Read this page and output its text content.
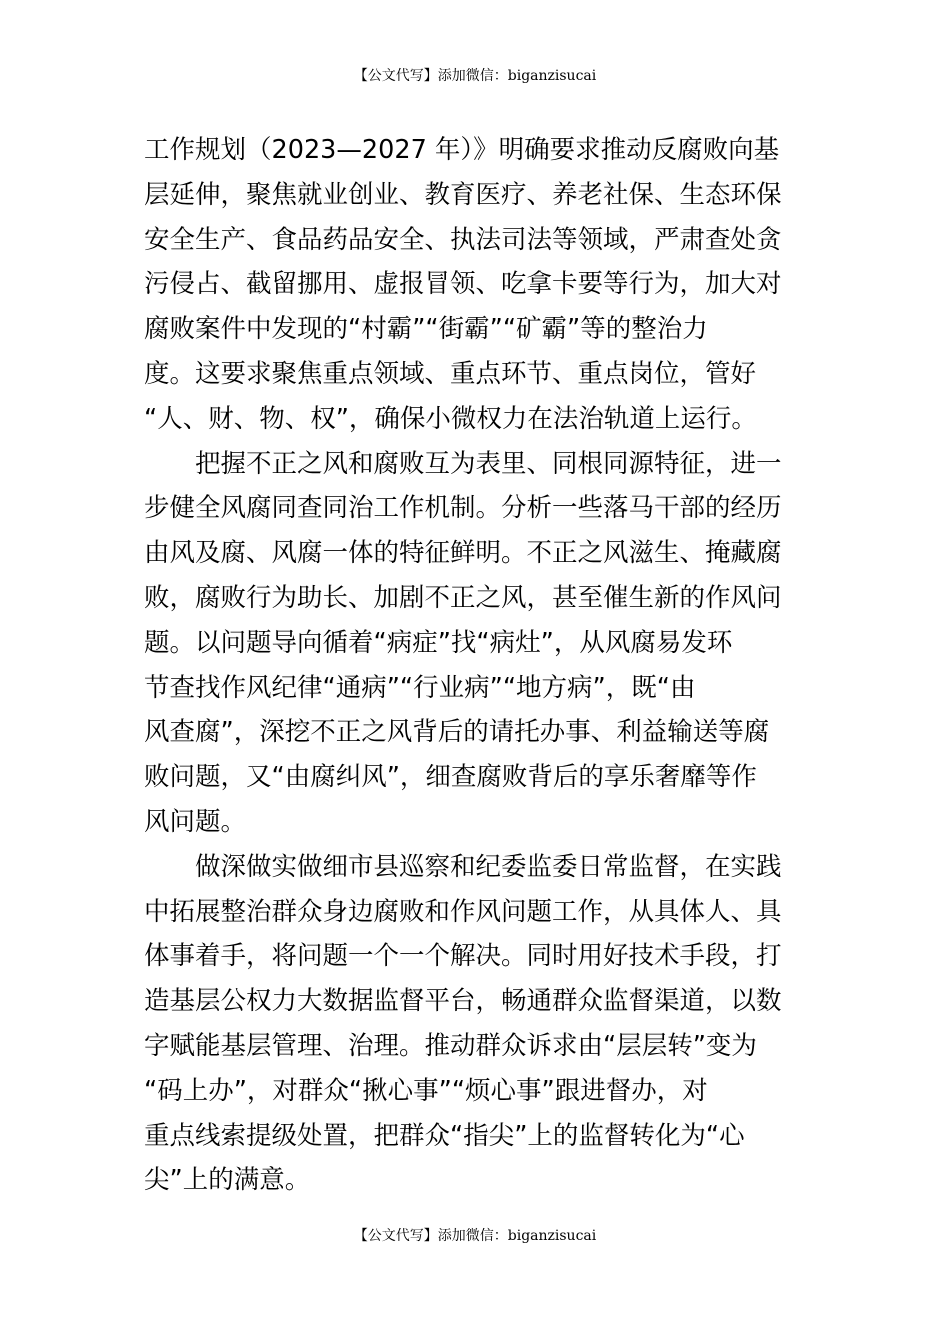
【公文代写】添加微信：biganzisucai
工作规划（2023—2027 年）》明确要求推动反腐败向基
层延伸，聚焦就业创业、教育医疗、养老社保、生态环保
安全生产、食品药品安全、执法司法等领域，严肃查处贪
污侵占、截留挪用、虚报冒领、吃拿卡要等行为，加大对
腐败案件中发现的“村霸”“街霸”“矿霸”等的整治力
度。这要求聚焦重点领域、重点环节、重点岗位，管好
“人、财、物、权”，确保小微权力在法治轨道上运行。
把握不正之风和腐败互为表里、同根同源特征，进一
步健全风腐同查同治工作机制。分析一些落马干部的经历
由风及腐、风腐一体的特征鲜明。不正之风滋生、掩藏腐
败，腐败行为助长、加剧不正之风，甚至催生新的作风问
题。以问题导向循着“病症”找“病灶”，从风腐易发环
节查找作风纪律“通病”“行业病”“地方病”，既“由
风查腐”，深挖不正之风背后的请托办事、利益输送等腐
败问题，又“由腐纠风”，细查腐败背后的享乐奢靡等作
风问题。
做深做实做细市县巡察和纪委监委日常监督，在实践
中拓展整治群众身边腐败和作风问题工作，从具体人、具
体事着手，将问题一个一个解决。同时用好技术手段，打
造基层公权力大数据监督平台，畅通群众监督渠道，以数
字赋能基层管理、治理。推动群众诉求由“层层转”变为
“码上办”，对群众“揪心事”“烦心事”跟进督办，对
重点线索提级处置，把群众“指尖”上的监督转化为“心
尖”上的满意。
【公文代写】添加微信：biganzisucai
